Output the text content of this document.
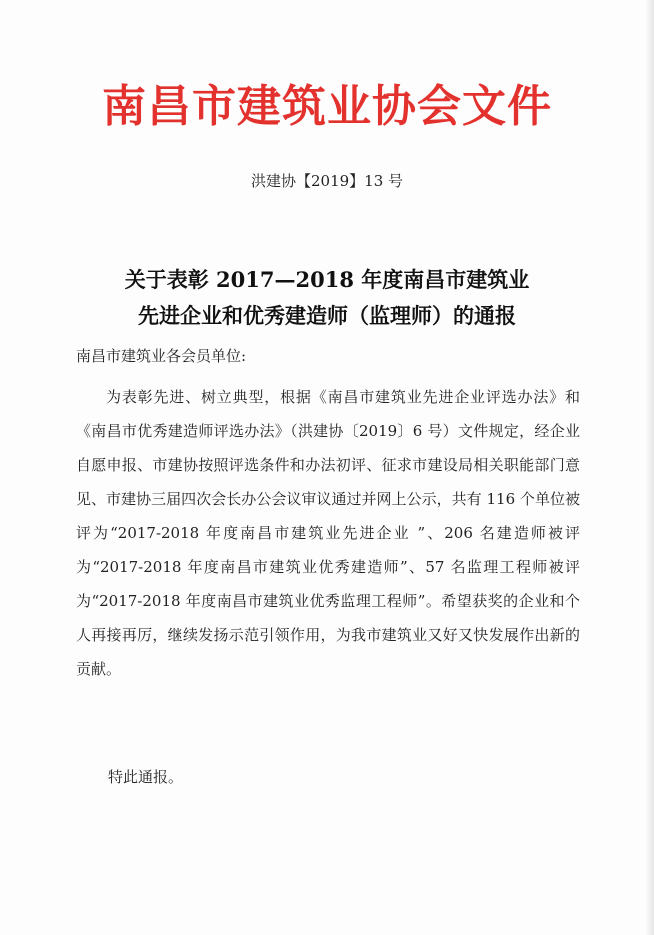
南昌市建筑业协会文件
洪建协【2019】13 号
关于表彰 2017—2018 年度南昌市建筑业
先进企业和优秀建造师（监理师）的通报
南昌市建筑业各会员单位:

为表彰先进、树立典型，根据《南昌市建筑业先进企业评选办法》和《南昌市优秀建造师评选办法》（洪建协〔2019〕6 号）文件规定，经企业自愿申报、市建协按照评选条件和办法初评、征求市建设局相关职能部门意见、市建协三届四次会长办公会议审议通过并网上公示，共有 116 个单位被评为“2017-2018 年度南昌市建筑业先进企业 ”、206 名建造师被评为“2017-2018 年度南昌市建筑业优秀建造师”、57 名监理工程师被评为“2017-2018 年度南昌市建筑业优秀监理工程师”。希望获奖的企业和个人再接再厉，继续发扬示范引领作用，为我市建筑业又好又快发展作出新的贡献。

特此通报。
